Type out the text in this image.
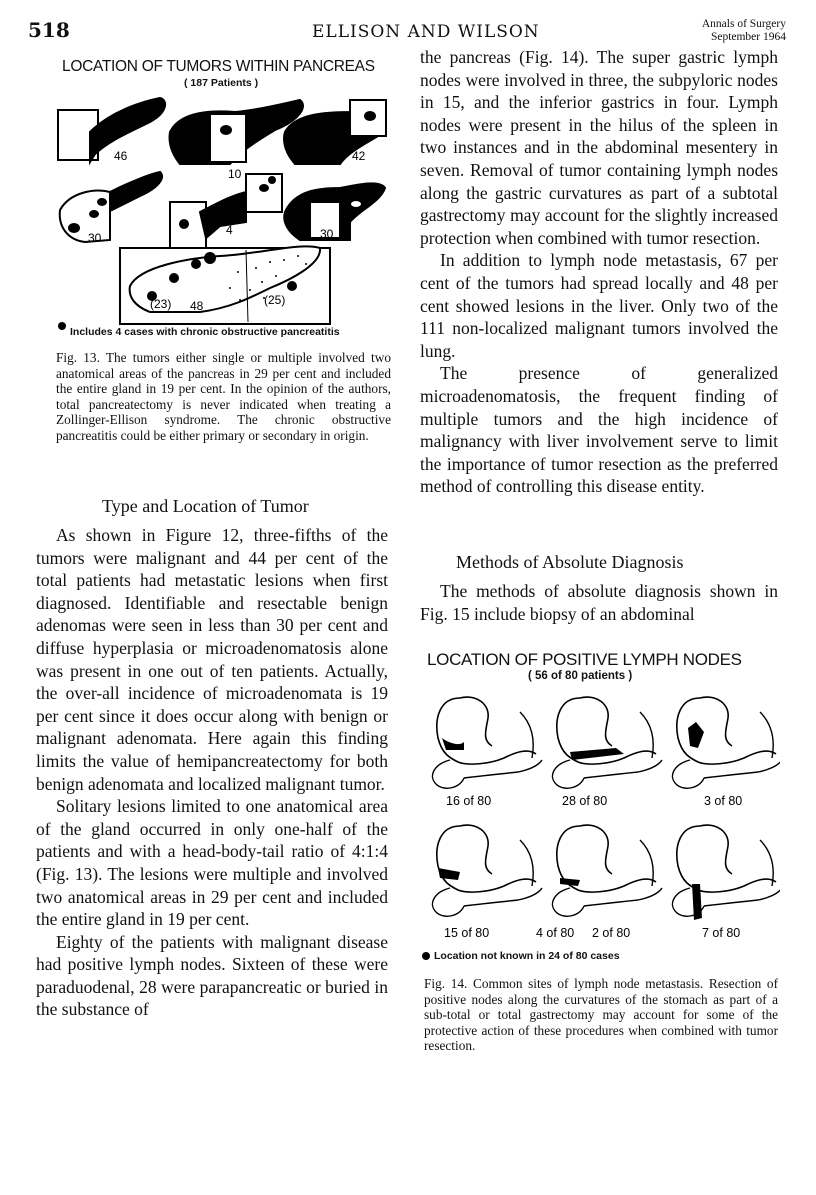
518	ELLISON AND WILSON	Annals of Surgery
September 1964
LOCATION OF TUMORS WITHIN PANCREAS
( 187 Patients )
46
10
42
30
4	30
(23) 48	(25)
Includes 4 cases with chronic obstructive pancreatitis
Fig. 13. The tumors either single or multiple involved two anatomical areas of the pancreas in 29 per cent and included the entire gland in 19 per cent. In the opinion of the authors, total pancreatectomy is never indicated when treating a Zollinger-Ellison syndrome. The chronic obstructive pancreatitis could be either primary or secondary in origin.
Type and Location of Tumor

As shown in Figure 12, three-fifths of the tumors were malignant and 44 per cent of the total patients had metastatic lesions when first diagnosed. Identifiable and resectable benign adenomas were seen in less than 30 per cent and diffuse hyperplasia or microadenomatosis alone was present in one out of ten patients. Actually, the over-all incidence of microadenomata is 19 per cent since it does occur along with benign or malignant adenomata. Here again this finding limits the value of hemipancreatectomy for both benign adenomata and localized malignant tumor.

Solitary lesions limited to one anatomical area of the gland occurred in only one-half of the patients and with a head-body-tail ratio of 4:1:4 (Fig. 13). The lesions were multiple and involved two anatomical areas in 29 per cent and included the entire gland in 19 per cent.

Eighty of the patients with malignant disease had positive lymph nodes. Sixteen of these were paraduodenal, 28 were parapancreatic or buried in the substance of

the pancreas (Fig. 14). The super gastric lymph nodes were involved in three, the subpyloric nodes in 15, and the inferior gastrics in four. Lymph nodes were present in the hilus of the spleen in two instances and in the abdominal mesentery in seven. Removal of tumor containing lymph nodes along the gastric curvatures as part of a subtotal gastrectomy may account for the slightly increased protection when combined with tumor resection.

In addition to lymph node metastasis, 67 per cent of the tumors had spread locally and 48 per cent showed lesions in the liver. Only two of the 111 non-localized malignant tumors involved the lung.

The presence of generalized microadenomatosis, the frequent finding of multiple tumors and the high incidence of malignancy with liver involvement serve to limit the importance of tumor resection as the preferred method of controlling this disease entity.

Methods of Absolute Diagnosis

The methods of absolute diagnosis shown in Fig. 15 include biopsy of an abdominal

LOCATION OF POSITIVE LYMPH NODES
( 56 of 80 patients )
16 of 80	28 of 80	3 of 80
15 of 80	4 of 80 2 of 80	7 of 80
Location not known in 24 of 80 cases
Fig. 14. Common sites of lymph node metastasis. Resection of positive nodes along the curvatures of the stomach as part of a sub-total or total gastrectomy may account for some of the protective action of these procedures when combined with tumor resection.
